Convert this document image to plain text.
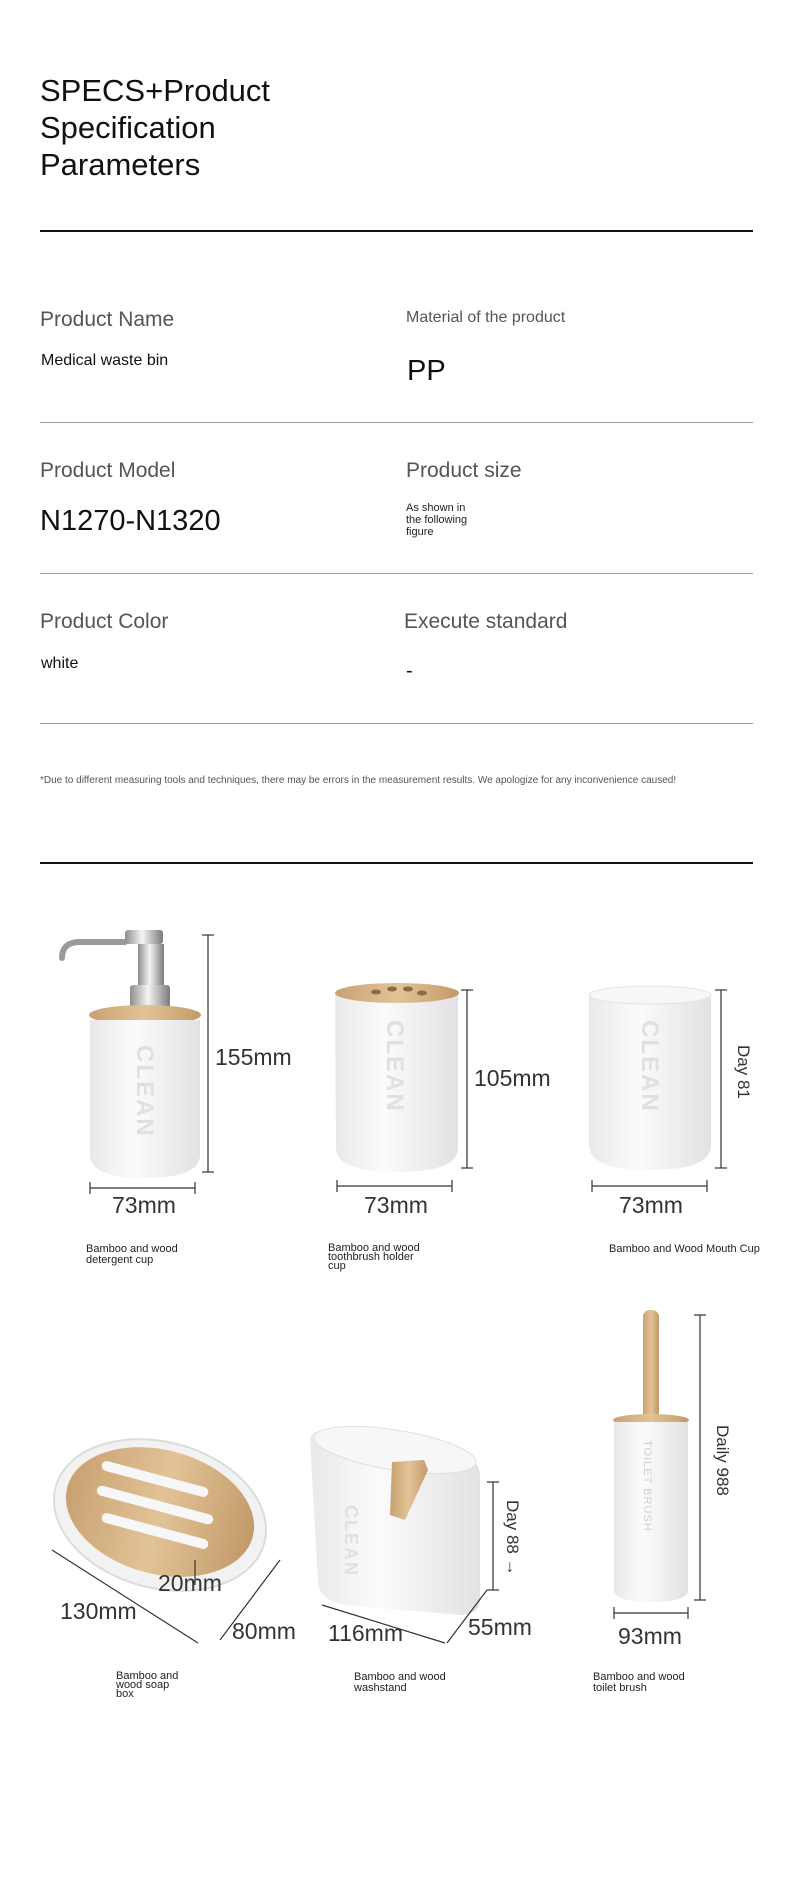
SPECS+Product Specification Parameters
Product Name
Medical waste bin
Material of the product
PP
Product Model
N1270-N1320
Product size
As shown in the following figure
Product Color
white
Execute standard
-
*Due to different measuring tools and techniques, there may be errors in the measurement results. We apologize for any inconvenience caused!
CLEAN	CLEAN	CLEAN
CLEAN
TOILET BRUSH
155mm
73mm
105mm
73mm
Day 81
73mm
Bamboo and wood detergent cup
Bamboo and wood toothbrush holder cup
Bamboo and Wood Mouth Cup
20mm
130mm
80mm
Day 88 →
116mm	55mm
Daily 988
93mm
Bamboo and wood soap box
Bamboo and wood washstand
Bamboo and wood toilet brush
